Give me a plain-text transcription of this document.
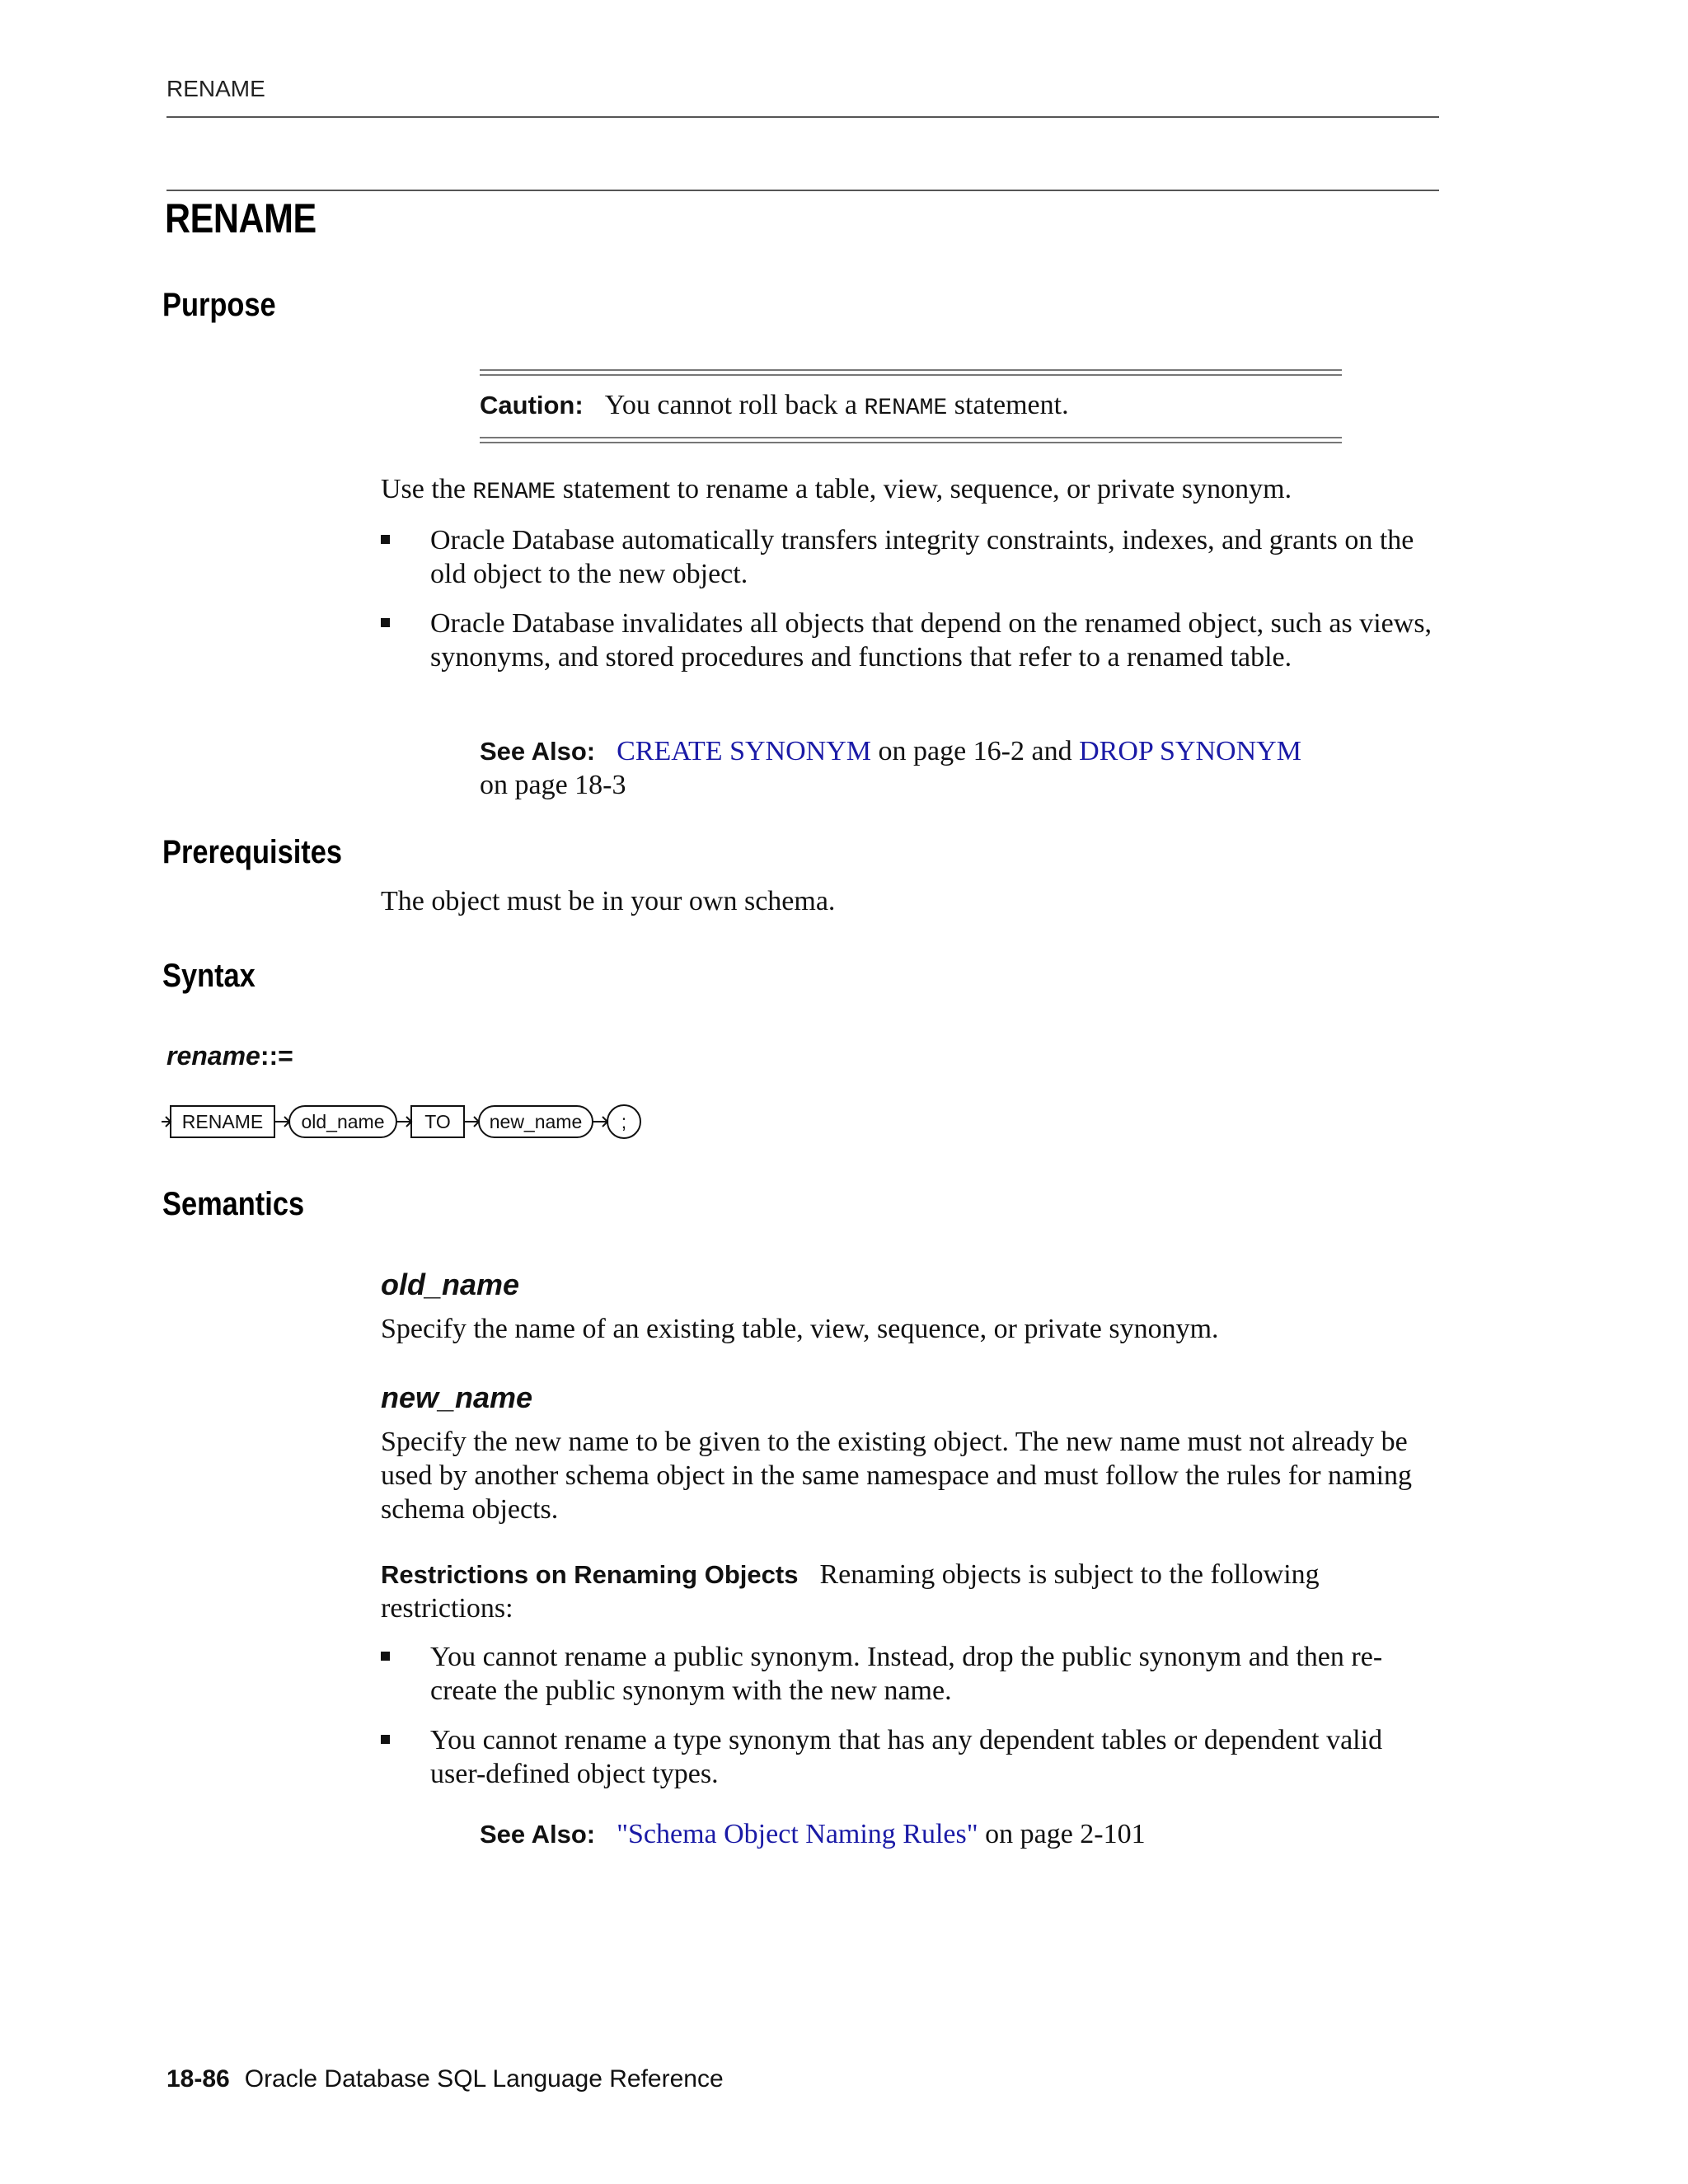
RENAME
RENAME
Purpose
Caution: You cannot roll back a RENAME statement.
Use the RENAME statement to rename a table, view, sequence, or private synonym.
Oracle Database automatically transfers integrity constraints, indexes, and grants on the old object to the new object.
Oracle Database invalidates all objects that depend on the renamed object, such as views, synonyms, and stored procedures and functions that refer to a renamed table.
See Also: CREATE SYNONYM on page 16-2 and DROP SYNONYM
on page 18-3
Prerequisites
The object must be in your own schema.
Syntax
rename::=
RENAME old_name TO new_name ;
Semantics
old_name
Specify the name of an existing table, view, sequence, or private synonym.
new_name
Specify the new name to be given to the existing object. The new name must not already be used by another schema object in the same namespace and must follow the rules for naming schema objects.
Restrictions on Renaming Objects Renaming objects is subject to the following restrictions:
You cannot rename a public synonym. Instead, drop the public synonym and then re-create the public synonym with the new name.
You cannot rename a type synonym that has any dependent tables or dependent valid user-defined object types.
See Also: "Schema Object Naming Rules" on page 2-101
18-86 Oracle Database SQL Language Reference
